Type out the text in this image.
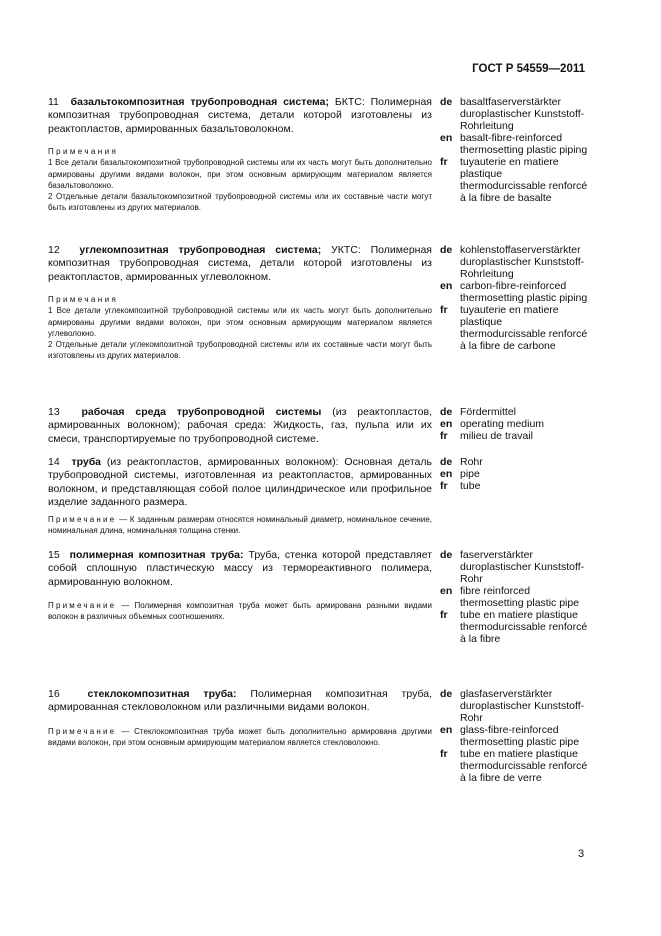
ГОСТ Р 54559—2011

11 базальтокомпозитная трубопроводная система; БКТС: Полимерная композитная трубопроводная система, детали которой изготовлены из реактопластов, армированных базальтоволокном.

Примечания

1 Все детали базальтокомпозитной трубопроводной системы или их часть могут быть дополнительно армированы другими видами волокон, при этом основным армирующим материалом является базальтоволокно.

2 Отдельные детали базальтокомпозитной трубопроводной системы или их составные части могут быть изготовлены из других материалов.

de basaltfaserverstärkter duroplastischer Kunststoff-Rohrleitung
en basalt-fibre-reinforced thermosetting plastic piping
fr	tuyauterie en matiere plastique thermodurcissable renforcé à la fibre de basalte

12 углекомпозитная трубопроводная система; УКТС: Полимерная композитная трубопроводная система, детали которой изготовлены из реактопластов, армированных углеволокном.

Примечания

1 Все детали углекомпозитной трубопроводной системы или их часть могут быть дополнительно армированы другими видами волокон, при этом основным армирующим материалом является углеволокно.

2 Отдельные детали углекомпозитной трубопроводной системы или их составные части могут быть изготовлены из других материалов.

de kohlenstoffaserverstärkter duroplastischer Kunststoff-Rohrleitung
en carbon-fibre-reinforced thermosetting plastic piping
fr	tuyauterie en matiere plastique thermodurcissable renforcé à la fibre de carbone

13 рабочая среда трубопроводной системы (из реактопластов, армированных волокном); рабочая среда: Жидкость, газ, пульпа или их смеси, транспортируемые по трубопроводной системе.

de Fördermittel
en operating medium
fr	milieu de travail

14 труба (из реактопластов, армированных волокном): Основная деталь трубопроводной системы, изготовленная из реактопластов, армированных волокном, и представляющая собой полое цилиндрическое или профильное изделие заданного размера.

Примечание — К заданным размерам относятся номинальный диаметр, номинальное сечение, номинальная длина, номинальная толщина стенки.

de Rohr
en pipe
fr	tube

15 полимерная композитная труба: Труба, стенка которой представляет собой сплошную пластическую массу из термореактивного полимера, армированную волокном.

Примечание — Полимерная композитная труба может быть армирована разными видами волокон в различных объемных соотношениях.

de faserverstärkter duroplastischer Kunststoff-Rohr
en fibre reinforced thermosetting plastic pipe
fr	tube en matiere plastique thermodurcissable renforcé à la fibre

16	стеклокомпозитная труба: Полимерная композитная труба, армированная стекловолокном или различными видами волокон.

Примечание — Стеклокомпозитная труба может быть дополнительно армирована другими видами волокон, при этом основным армирующим материалом является стекловолокно.

de glasfaserverstärkter duroplastischer Kunststoff-Rohr
en glass-fibre-reinforced thermosetting plastic pipe
fr	tube en matiere plastique thermodurcissable renforcé à la fibre de verre
3
